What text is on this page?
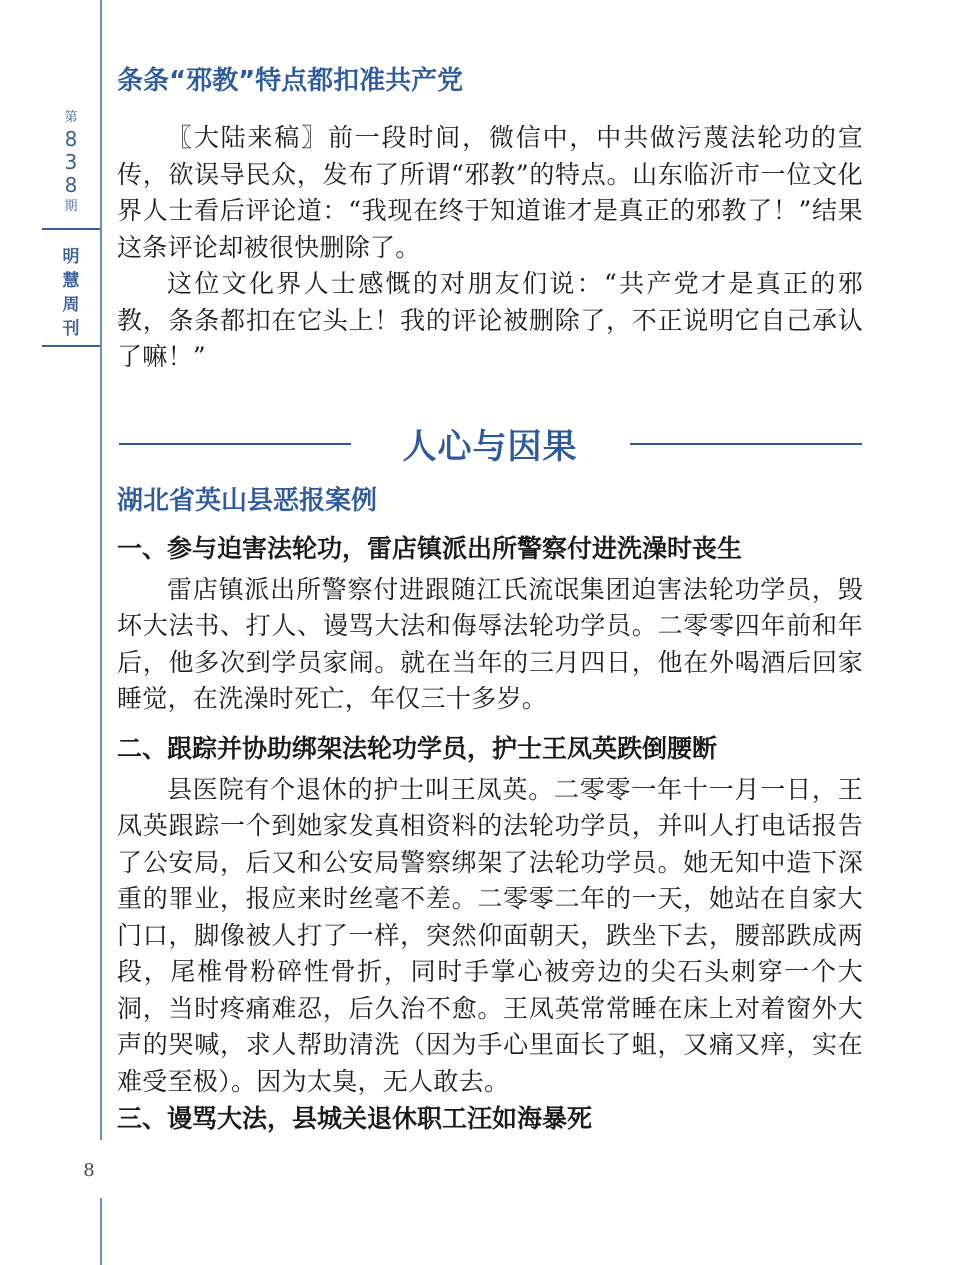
第
8
3
8
期
明
慧
周
刊
8
条条“邪教”特点都扣准共产党

〖大陆来稿〗前一段时间，微信中，中共做污蔑法轮功的宣传，欲误导民众，发布了所谓“邪教”的特点。山东临沂市一位文化界人士看后评论道：“我现在终于知道谁才是真正的邪教了！”结果这条评论却被很快删除了。

这位文化界人士感慨的对朋友们说：“共产党才是真正的邪教，条条都扣在它头上！我的评论被删除了，不正说明它自己承认了嘛！”

人心与因果
湖北省英山县恶报案例
一、参与迫害法轮功，雷店镇派出所警察付进洗澡时丧生

雷店镇派出所警察付进跟随江氏流氓集团迫害法轮功学员，毁坏大法书、打人、谩骂大法和侮辱法轮功学员。二零零四年前和年后，他多次到学员家闹。就在当年的三月四日，他在外喝酒后回家睡觉，在洗澡时死亡，年仅三十多岁。

二、跟踪并协助绑架法轮功学员，护士王凤英跌倒腰断

县医院有个退休的护士叫王凤英。二零零一年十一月一日，王凤英跟踪一个到她家发真相资料的法轮功学员，并叫人打电话报告了公安局，后又和公安局警察绑架了法轮功学员。她无知中造下深重的罪业，报应来时丝毫不差。二零零二年的一天，她站在自家大门口，脚像被人打了一样，突然仰面朝天，跌坐下去，腰部跌成两段，尾椎骨粉碎性骨折，同时手掌心被旁边的尖石头刺穿一个大洞，当时疼痛难忍，后久治不愈。王凤英常常睡在床上对着窗外大声的哭喊，求人帮助清洗（因为手心里面长了蛆，又痛又痒，实在难受至极）。因为太臭，无人敢去。

三、谩骂大法，县城关退休职工汪如海暴死
